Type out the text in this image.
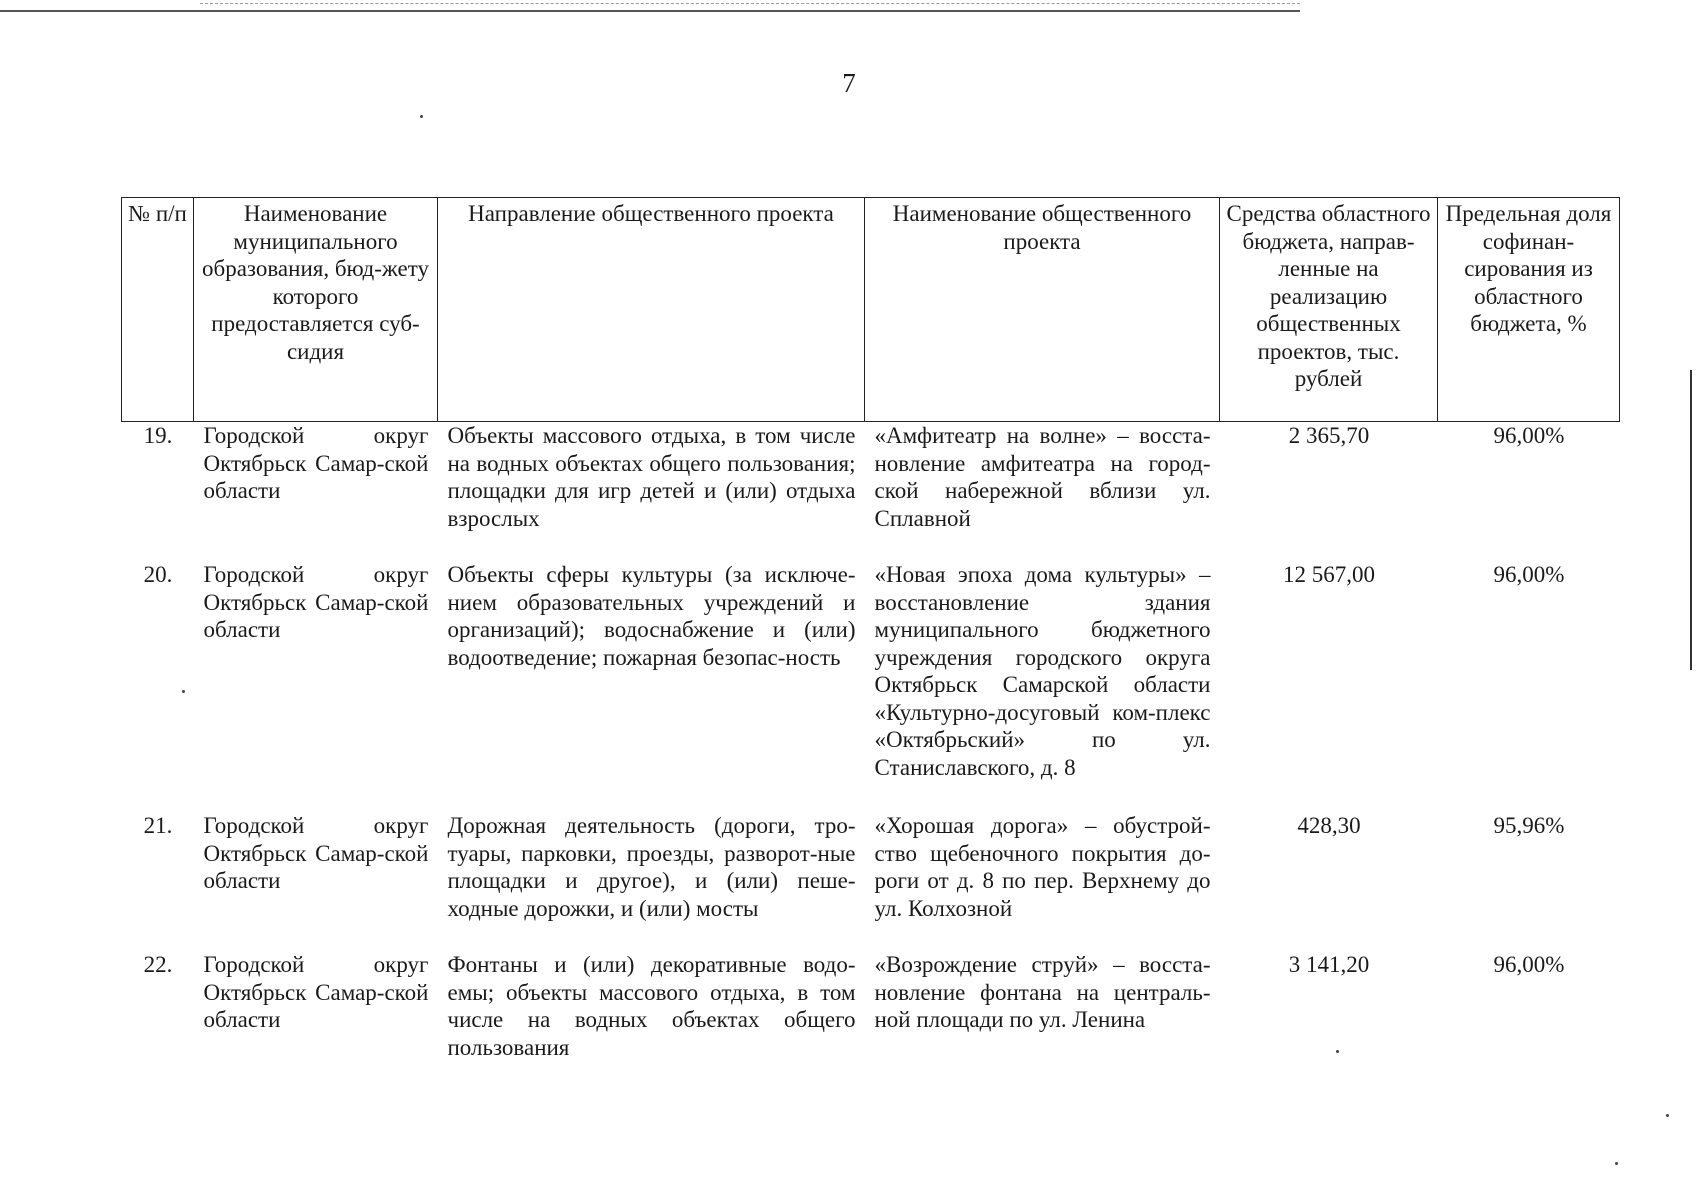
7
№ п/п	Наименование муниципального образования, бюд-жету которого предоставляется суб-сидия	Направление общественного проекта	Наименование общественного проекта	Средства областного бюджета, направ-ленные на реализацию общественных проектов, тыс. рублей	Предельная доля софинан-сирования из областного бюджета, %
19.	Городской округ Октябрьск Самар-ской области	Объекты массового отдыха, в том числе на водных объектах общего пользования; площадки для игр детей и (или) отдыха взрослых	«Амфитеатр на волне» – восста-новление амфитеатра на город-ской набережной вблизи ул. Сплавной	2 365,70	96,00%
20.	Городской округ Октябрьск Самар-ской области	Объекты сферы культуры (за исключе-нием образовательных учреждений и организаций); водоснабжение и (или) водоотведение; пожарная безопас-ность	«Новая эпоха дома культуры» – восстановление здания муниципального бюджетного учреждения городского округа Октябрьск Самарской области «Культурно-досуговый ком-плекс «Октябрьский» по ул. Станиславского, д. 8	12 567,00	96,00%
21.	Городской округ Октябрьск Самар-ской области	Дорожная деятельность (дороги, тро-туары, парковки, проезды, разворот-ные площадки и другое), и (или) пеше-ходные дорожки, и (или) мосты	«Хорошая дорога» – обустрой-ство щебеночного покрытия до-роги от д. 8 по пер. Верхнему до ул. Колхозной	428,30	95,96%
22.	Городской округ Октябрьск Самар-ской области	Фонтаны и (или) декоративные водо-емы; объекты массового отдыха, в том числе на водных объектах общего пользования	«Возрождение струй» – восста-новление фонтана на централь-ной площади по ул. Ленина	3 141,20	96,00%
